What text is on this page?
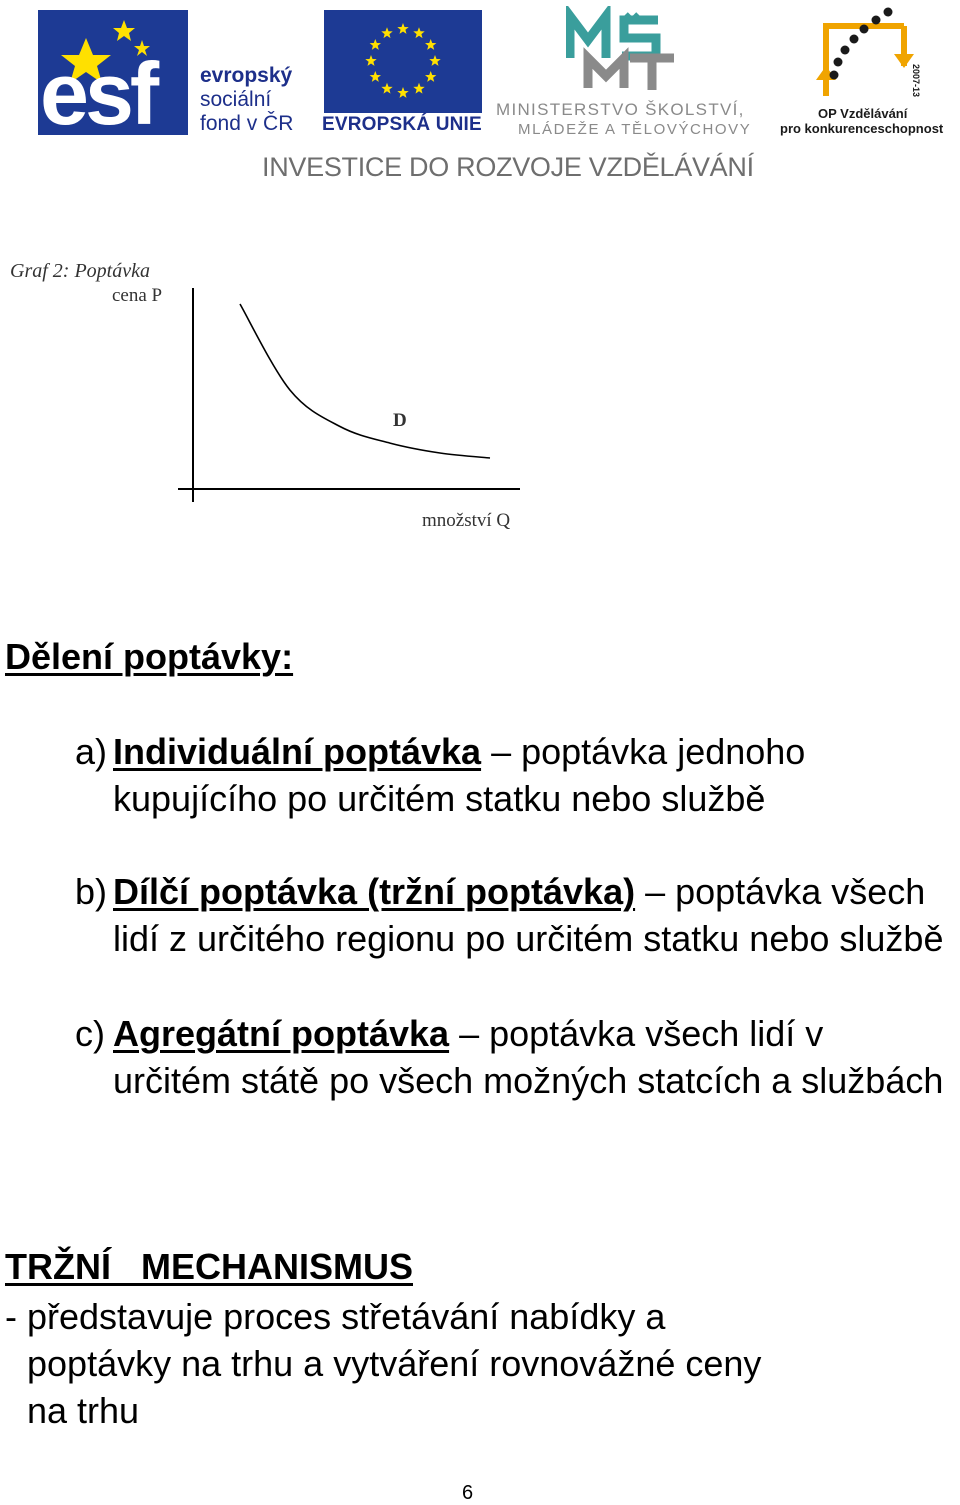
esf evropský
sociální
fond v ČR EVROPSKÁ UNIE
MINISTERSTVO ŠKOLSTVÍ,
MLÁDEŽE A TĚLOVÝCHOVY
2007-13
OP Vzdělávání
pro konkurenceschopnost
INVESTICE DO ROZVOJE VZDĚLÁVÁNÍ
Graf 2: Poptávka
cena P
množství Q
D
Dělení poptávky:
a) Individuální poptávka – poptávka jednoho kupujícího po určitém statku nebo službě
b) Dílčí poptávka (tržní poptávka) – poptávka všech lidí z určitého regionu po určitém statku nebo službě
c) Agregátní poptávka – poptávka všech lidí v určitém státě po všech možných statcích a službách
TRŽNÍ   MECHANISMUS
- představuje proces střetávání nabídky a
poptávky na trhu a vytváření rovnovážné ceny
na trhu
6
